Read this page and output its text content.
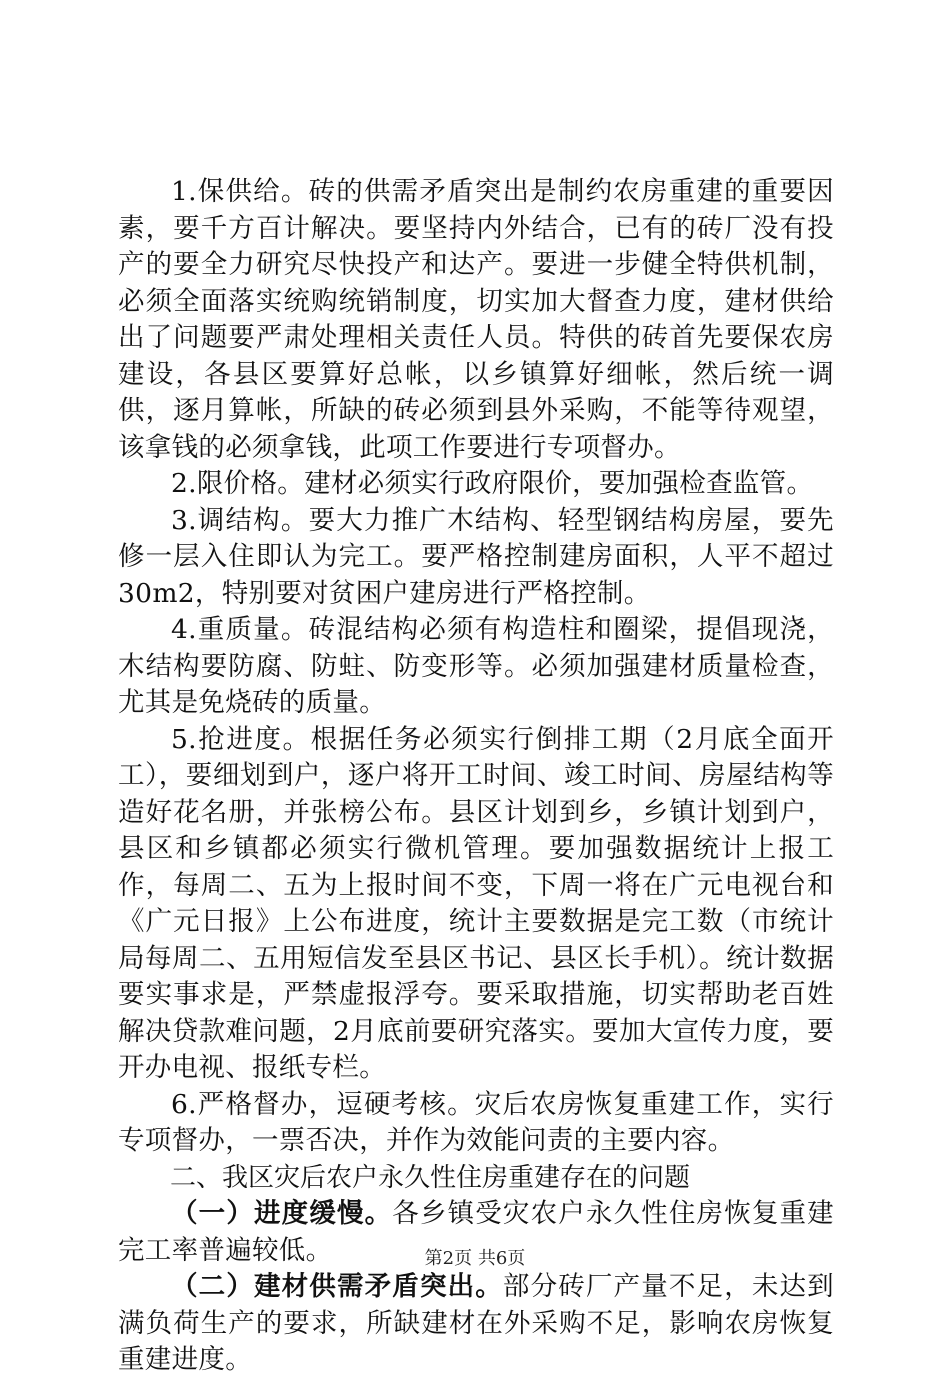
1.保供给。砖的供需矛盾突出是制约农房重建的重要因素，要千方百计解决。要坚持内外结合，已有的砖厂没有投产的要全力研究尽快投产和达产。要进一步健全特供机制，必须全面落实统购统销制度，切实加大督查力度，建材供给出了问题要严肃处理相关责任人员。特供的砖首先要保农房建设，各县区要算好总帐，以乡镇算好细帐，然后统一调供，逐月算帐，所缺的砖必须到县外采购，不能等待观望，该拿钱的必须拿钱，此项工作要进行专项督办。

2.限价格。建材必须实行政府限价，要加强检查监管。

3.调结构。要大力推广木结构、轻型钢结构房屋，要先修一层入住即认为完工。要严格控制建房面积，人平不超过30m2，特别要对贫困户建房进行严格控制。

4.重质量。砖混结构必须有构造柱和圈梁，提倡现浇，木结构要防腐、防蛀、防变形等。必须加强建材质量检查，尤其是免烧砖的质量。

5.抢进度。根据任务必须实行倒排工期（2月底全面开工），要细划到户，逐户将开工时间、竣工时间、房屋结构等造好花名册，并张榜公布。县区计划到乡，乡镇计划到户，县区和乡镇都必须实行微机管理。要加强数据统计上报工作，每周二、五为上报时间不变，下周一将在广元电视台和《广元日报》上公布进度，统计主要数据是完工数（市统计局每周二、五用短信发至县区书记、县区长手机）。统计数据要实事求是，严禁虚报浮夸。要采取措施，切实帮助老百姓解决贷款难问题，2月底前要研究落实。要加大宣传力度，要开办电视、报纸专栏。

6.严格督办，逗硬考核。灾后农房恢复重建工作，实行专项督办，一票否决，并作为效能问责的主要内容。

二、我区灾后农户永久性住房重建存在的问题

（一）进度缓慢。各乡镇受灾农户永久性住房恢复重建完工率普遍较低。

（二）建材供需矛盾突出。部分砖厂产量不足，未达到满负荷生产的要求，所缺建材在外采购不足，影响农房恢复重建进度。

第2页 共6页
